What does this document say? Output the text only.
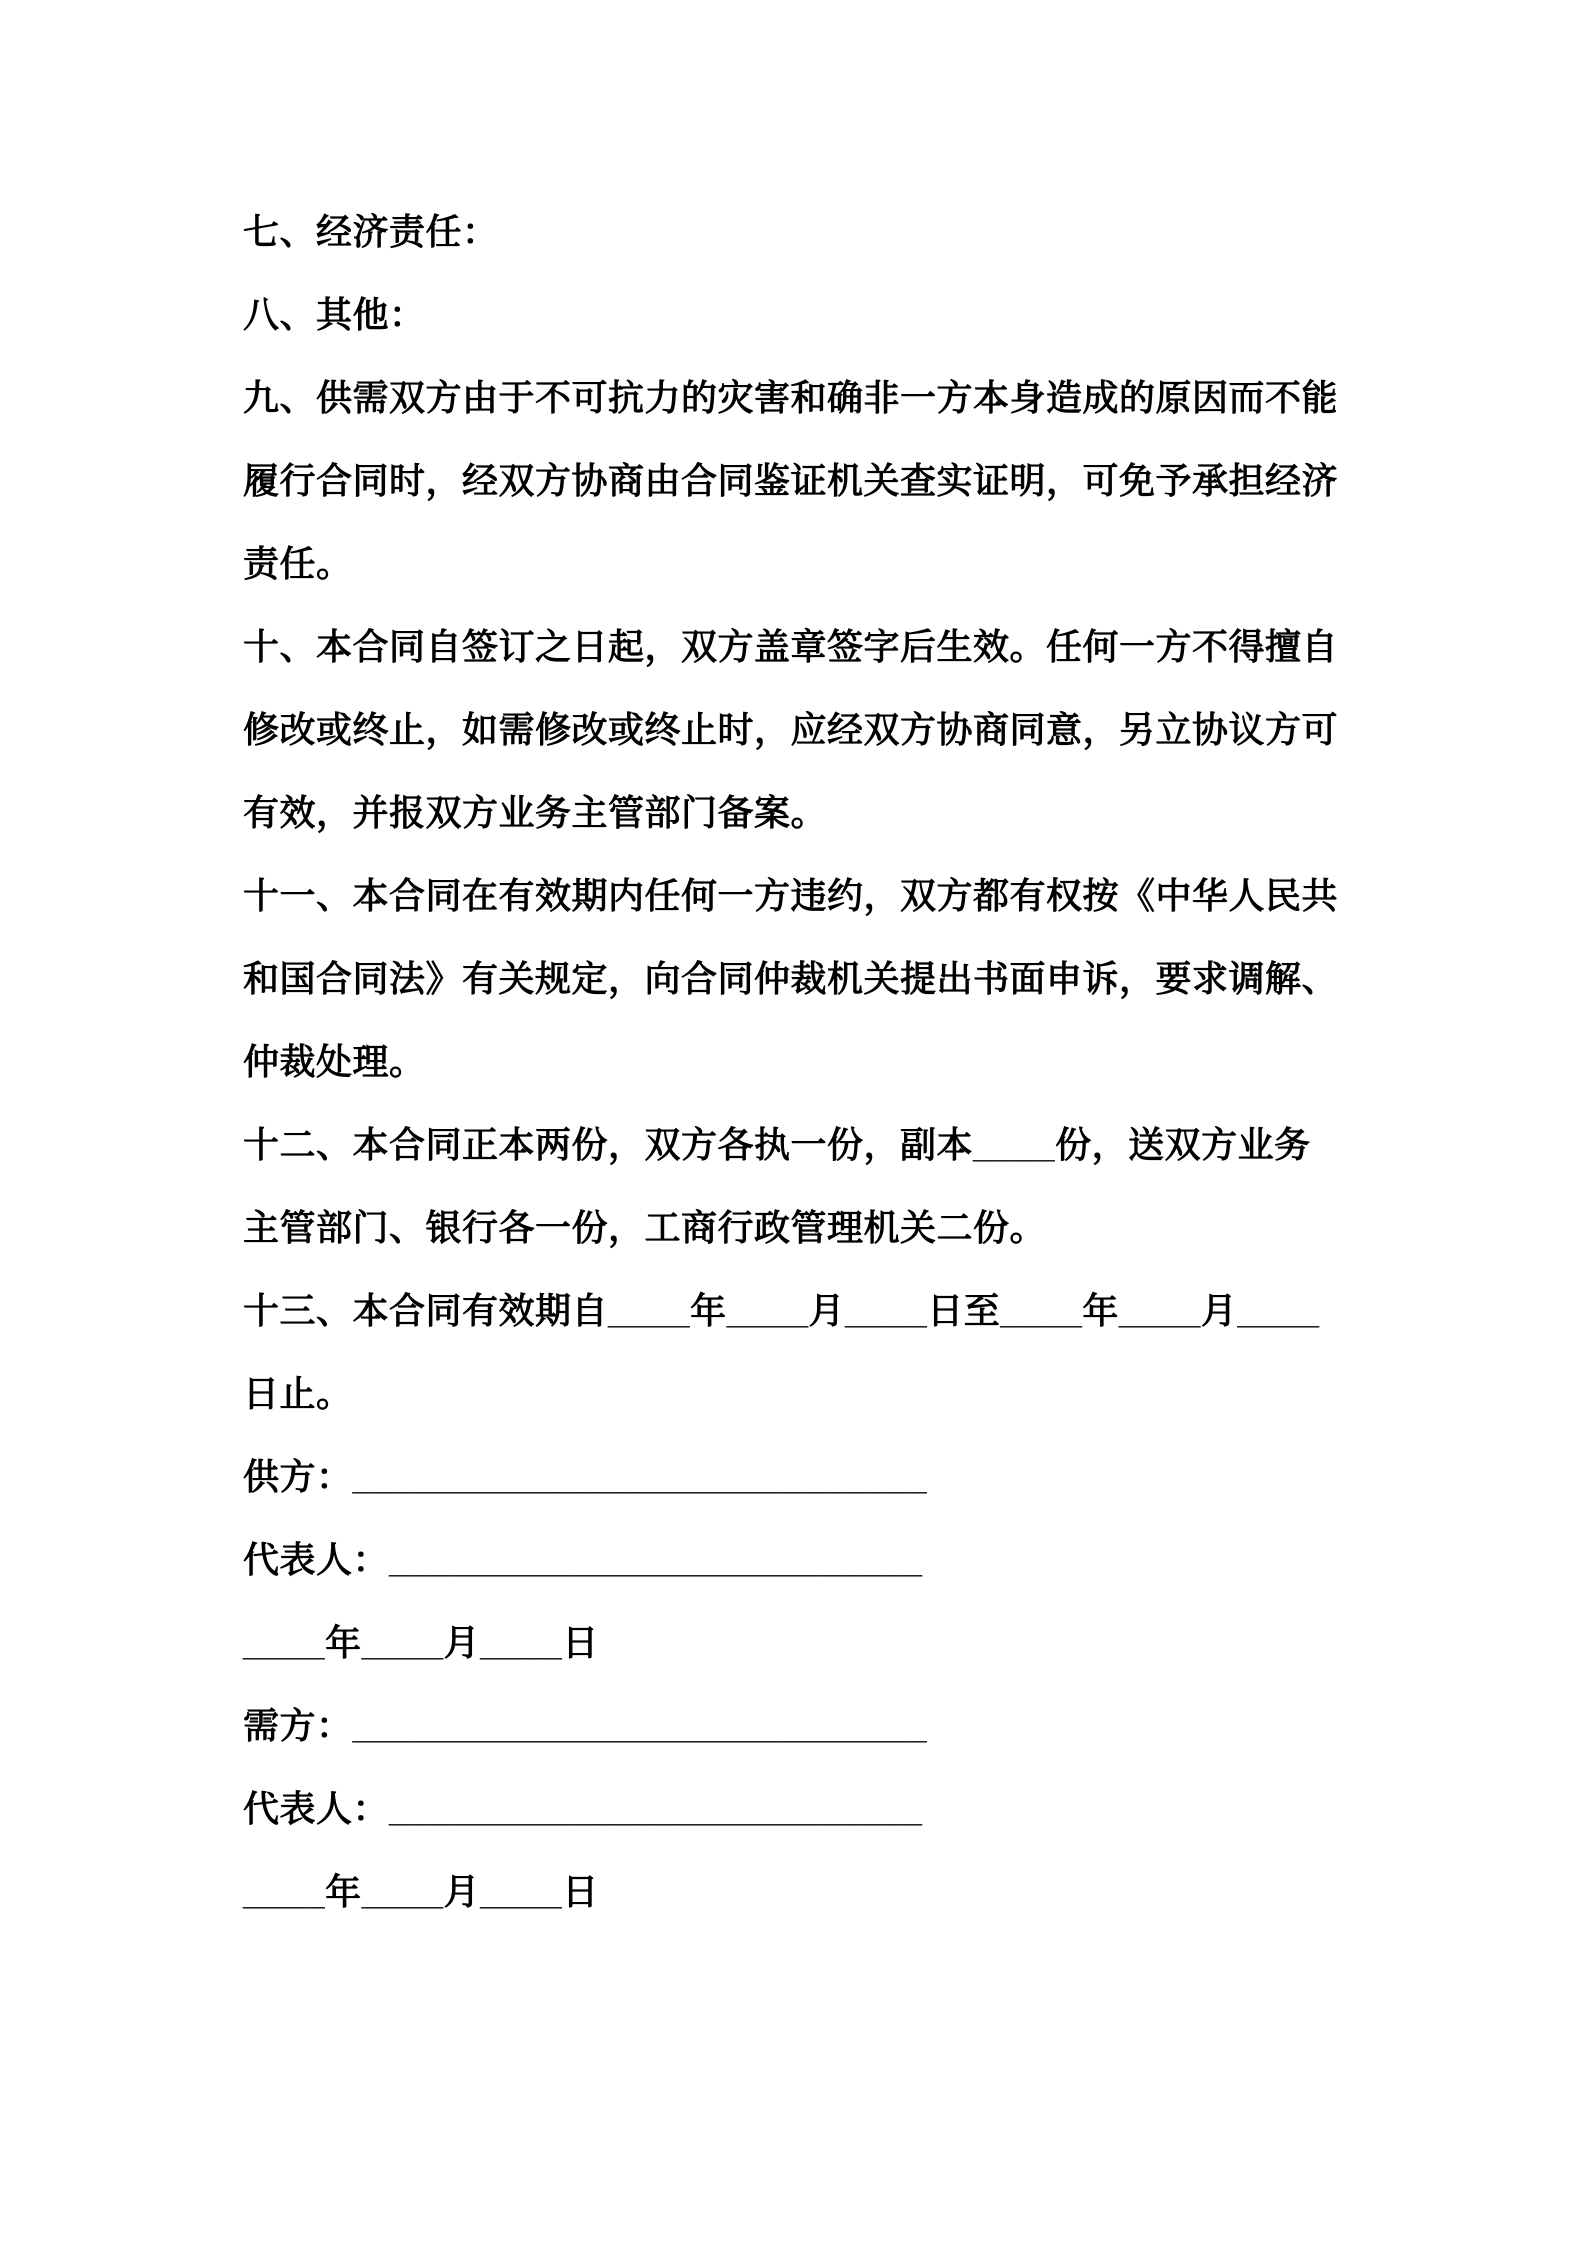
七、经济责任：
八、其他：
九、供需双方由于不可抗力的灾害和确非一方本身造成的原因而不能
履行合同时，经双方协商由合同鉴证机关查实证明，可免予承担经济
责任。
十、本合同自签订之日起，双方盖章签字后生效。任何一方不得擅自
修改或终止，如需修改或终止时，应经双方协商同意，另立协议方可
有效，并报双方业务主管部门备案。
十一、本合同在有效期内任何一方违约，双方都有权按《中华人民共
和国合同法》有关规定，向合同仲裁机关提出书面申诉，要求调解、
仲裁处理。
十二、本合同正本两份，双方各执一份，副本____份，送双方业务
主管部门、银行各一份，工商行政管理机关二份。
十三、本合同有效期自____年____月____日至____年____月____
日止。
供方：____________________________
代表人：__________________________
____年____月____日
需方：____________________________
代表人：__________________________
____年____月____日
